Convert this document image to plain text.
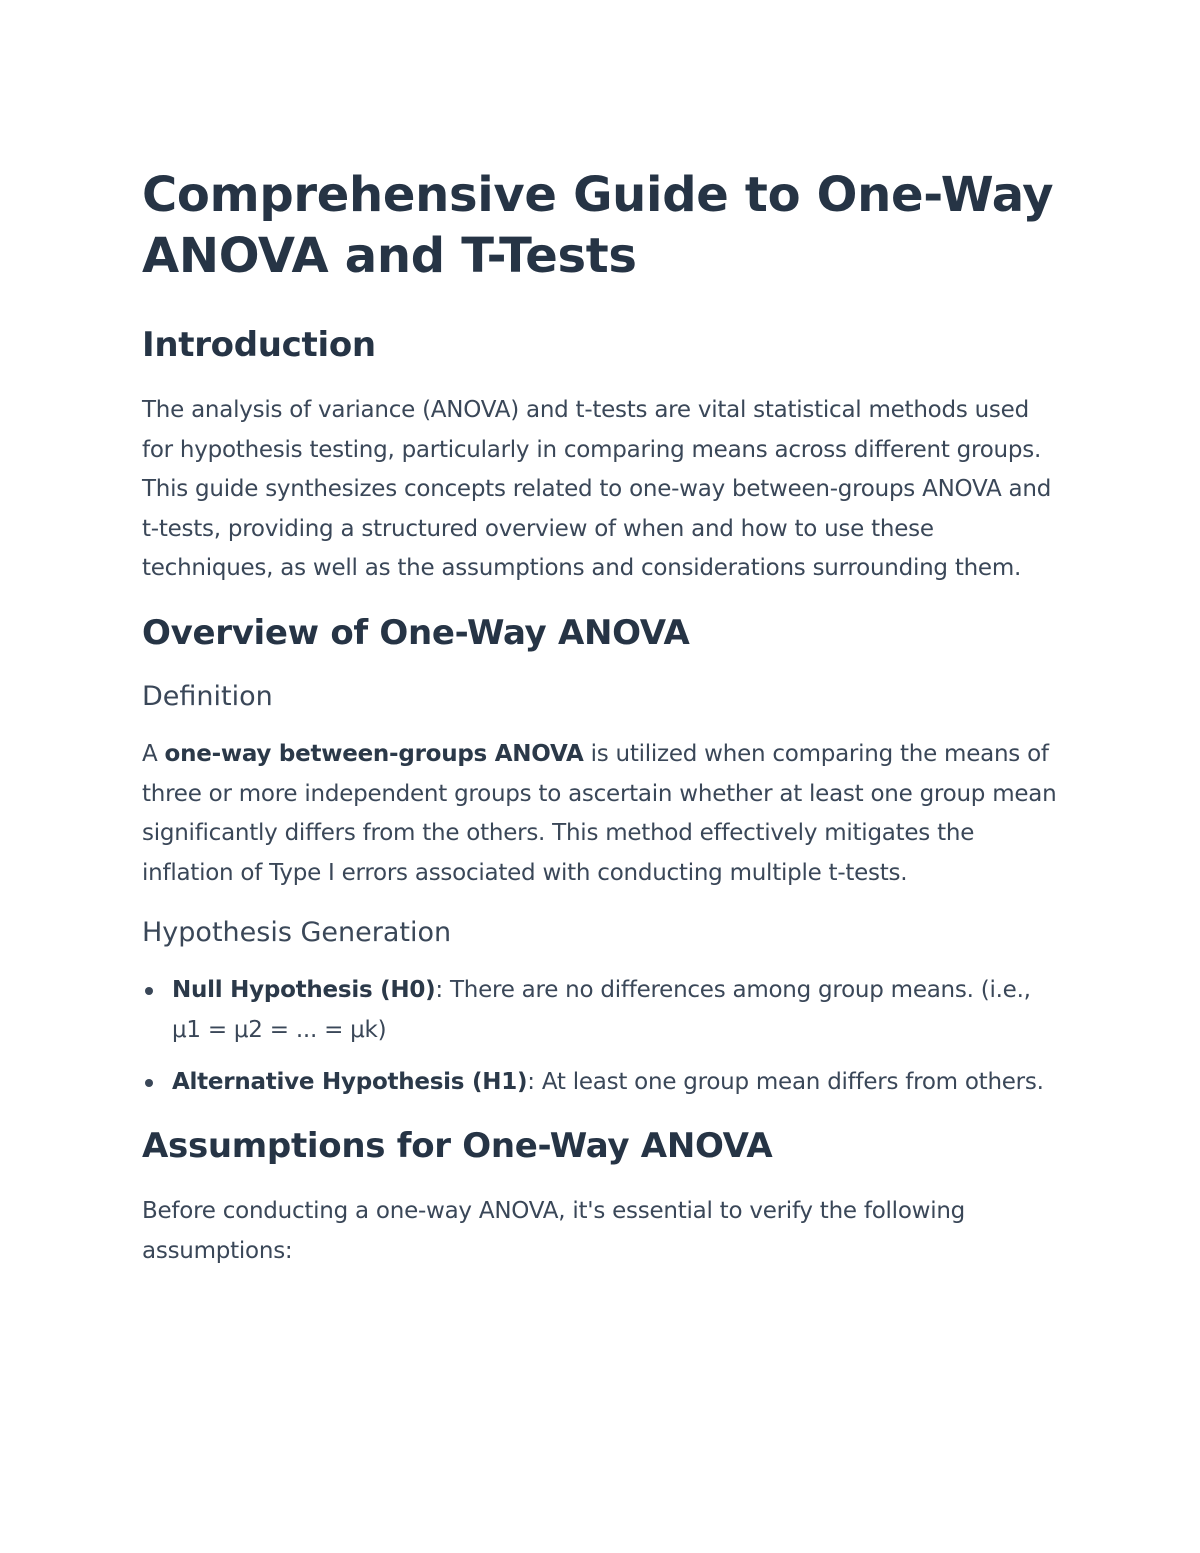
Comprehensive Guide to One-Way ANOVA and T-Tests
Introduction

The analysis of variance (ANOVA) and t-tests are vital statistical methods used for hypothesis testing, particularly in comparing means across different groups. This guide synthesizes concepts related to one-way between-groups ANOVA and t-tests, providing a structured overview of when and how to use these techniques, as well as the assumptions and considerations surrounding them.

Overview of One-Way ANOVA
Definition

A one-way between-groups ANOVA is utilized when comparing the means of three or more independent groups to ascertain whether at least one group mean significantly differs from the others. This method effectively mitigates the inflation of Type I errors associated with conducting multiple t-tests.

Hypothesis Generation
Null Hypothesis (H0): There are no differences among group means. (i.e., μ1 = μ2 = ... = μk)
Alternative Hypothesis (H1): At least one group mean differs from others.
Assumptions for One-Way ANOVA

Before conducting a one-way ANOVA, it's essential to verify the following assumptions:
